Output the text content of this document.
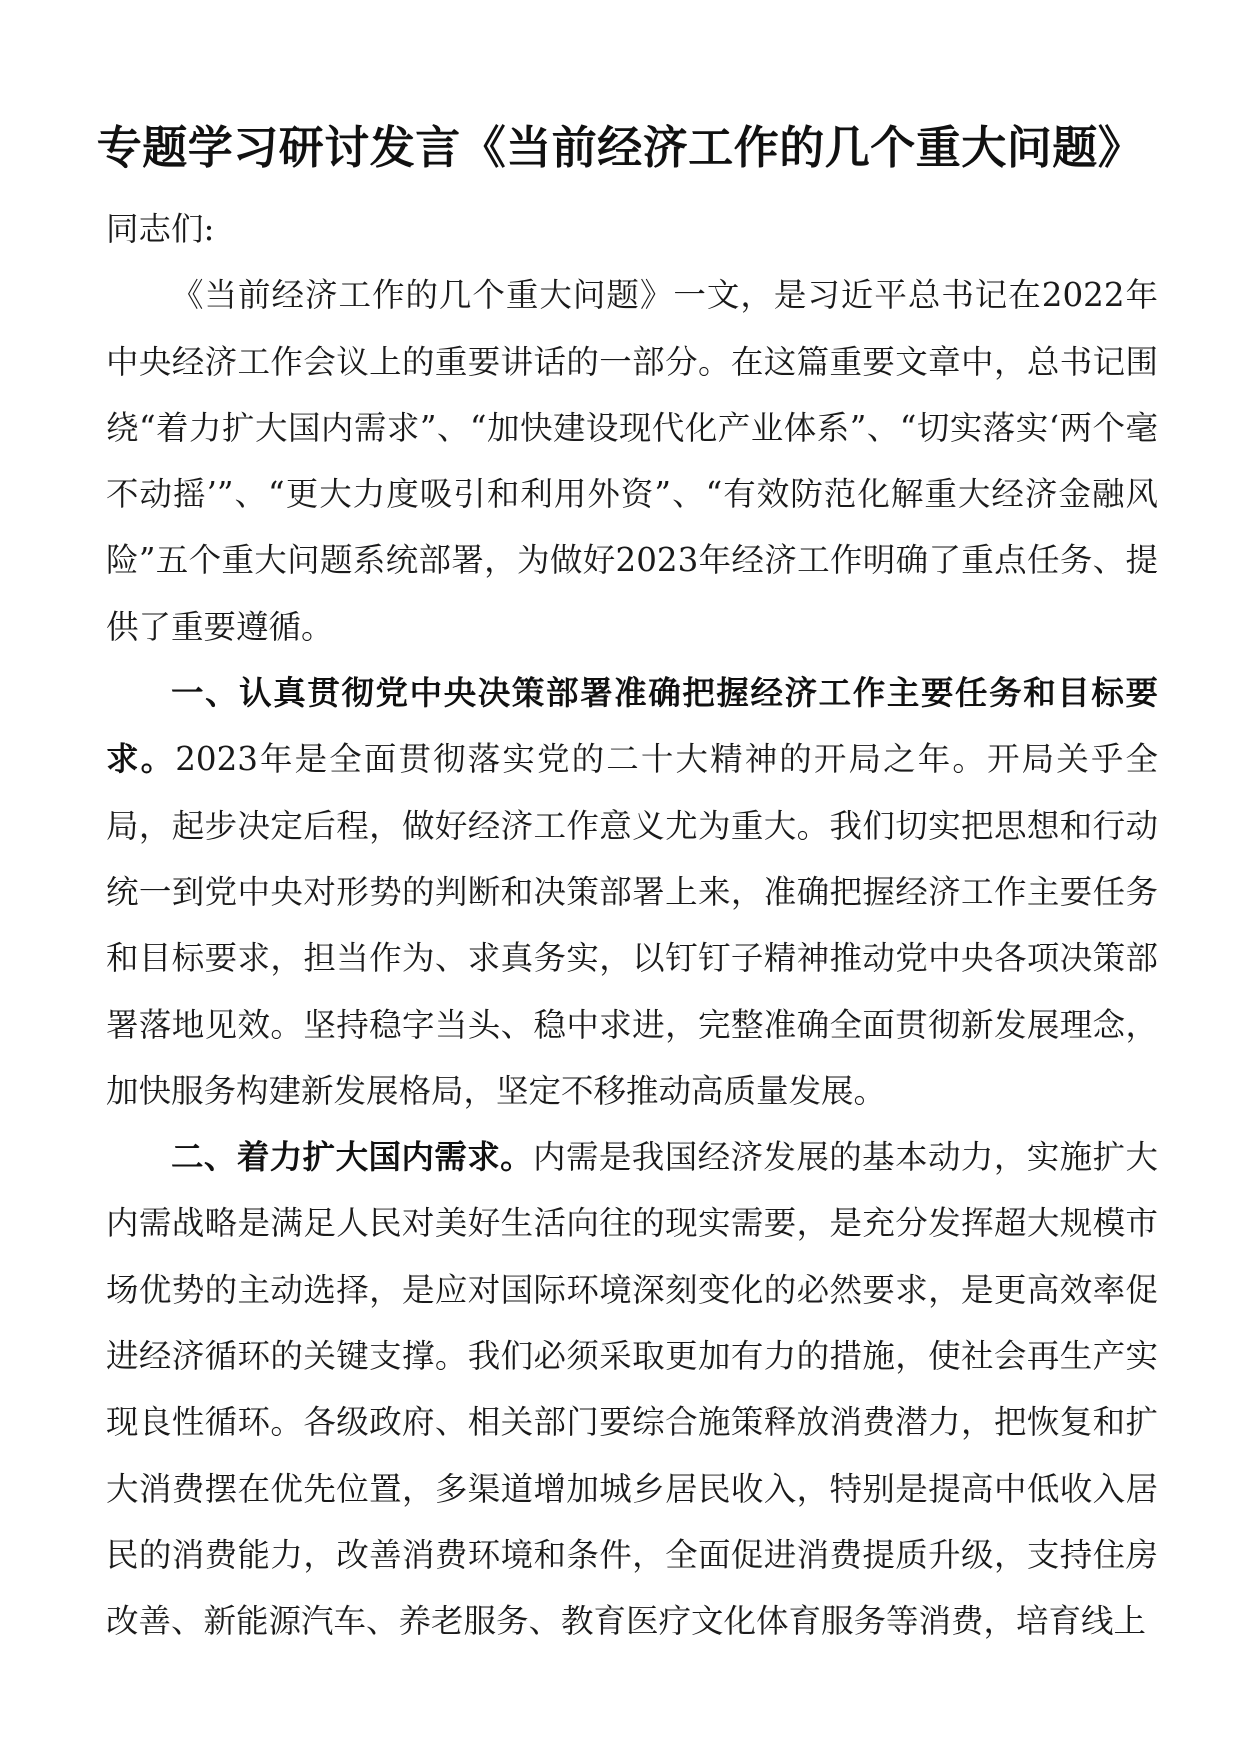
专题学习研讨发言《当前经济工作的几个重大问题》

同志们:

《当前经济工作的几个重大问题》一文，是习近平总书记在2022年中央经济工作会议上的重要讲话的一部分。在这篇重要文章中，总书记围绕“着力扩大国内需求”、“加快建设现代化产业体系”、“切实落实‘两个毫不动摇’”、“更大力度吸引和利用外资”、“有效防范化解重大经济金融风险”五个重大问题系统部署，为做好2023年经济工作明确了重点任务、提供了重要遵循。

一、认真贯彻党中央决策部署准确把握经济工作主要任务和目标要求。2023年是全面贯彻落实党的二十大精神的开局之年。开局关乎全局，起步决定后程，做好经济工作意义尤为重大。我们切实把思想和行动统一到党中央对形势的判断和决策部署上来，准确把握经济工作主要任务和目标要求，担当作为、求真务实，以钉钉子精神推动党中央各项决策部署落地见效。坚持稳字当头、稳中求进，完整准确全面贯彻新发展理念，加快服务构建新发展格局，坚定不移推动高质量发展。

二、着力扩大国内需求。内需是我国经济发展的基本动力，实施扩大内需战略是满足人民对美好生活向往的现实需要，是充分发挥超大规模市场优势的主动选择，是应对国际环境深刻变化的必然要求，是更高效率促进经济循环的关键支撑。我们必须采取更加有力的措施，使社会再生产实现良性循环。各级政府、相关部门要综合施策释放消费潜力，把恢复和扩大消费摆在优先位置，多渠道增加城乡居民收入，特别是提高中低收入居民的消费能力，改善消费环境和条件，全面促进消费提质升级，支持住房改善、新能源汽车、养老服务、教育医疗文化体育服务等消费，培育线上
